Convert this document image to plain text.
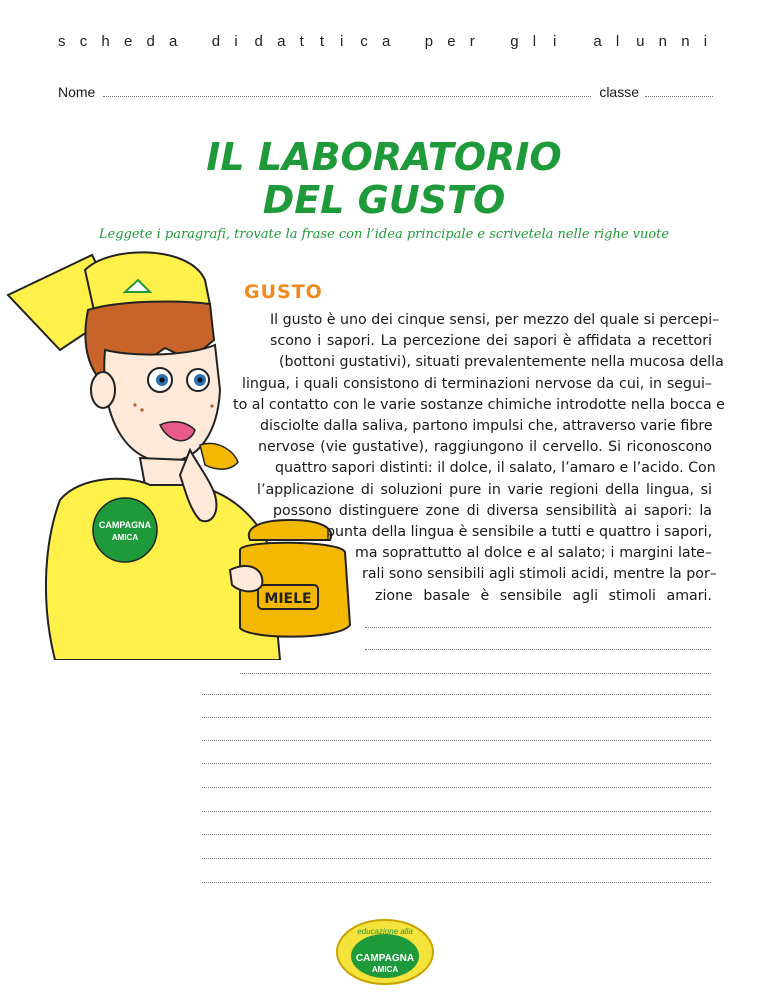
s c h e d a d i d a t t i c a p e r g l i a l u n n i
Nome	classe
IL LABORATORIO
DEL GUSTO
Leggete i paragrafi, trovate la frase con l’idea principale e scrivetela nelle righe vuote
CAMPAGNA
AMICA
MIELE
GUSTO
Il gusto è uno dei cinque sensi, per mezzo del quale si percepi–
scono i sapori. La percezione dei sapori è affidata a recettori
(bottoni gustativi), situati prevalentemente nella mucosa della
lingua, i quali consistono di terminazioni nervose da cui, in segui–
to al contatto con le varie sostanze chimiche introdotte nella bocca e
disciolte dalla saliva, partono impulsi che, attraverso varie fibre
nervose (vie gustative), raggiungono il cervello. Si riconoscono
quattro sapori distinti: il dolce, il salato, l’amaro e l’acido. Con
l’applicazione di soluzioni pure in varie regioni della lingua, si
possono distinguere zone di diversa sensibilità ai sapori: la
punta della lingua è sensibile a tutti e quattro i sapori,
ma soprattutto al dolce e al salato; i margini late–
rali sono sensibili agli stimoli acidi, mentre la por–
zione basale è sensibile agli stimoli amari.
educazione alla
CAMPAGNA
AMICA
